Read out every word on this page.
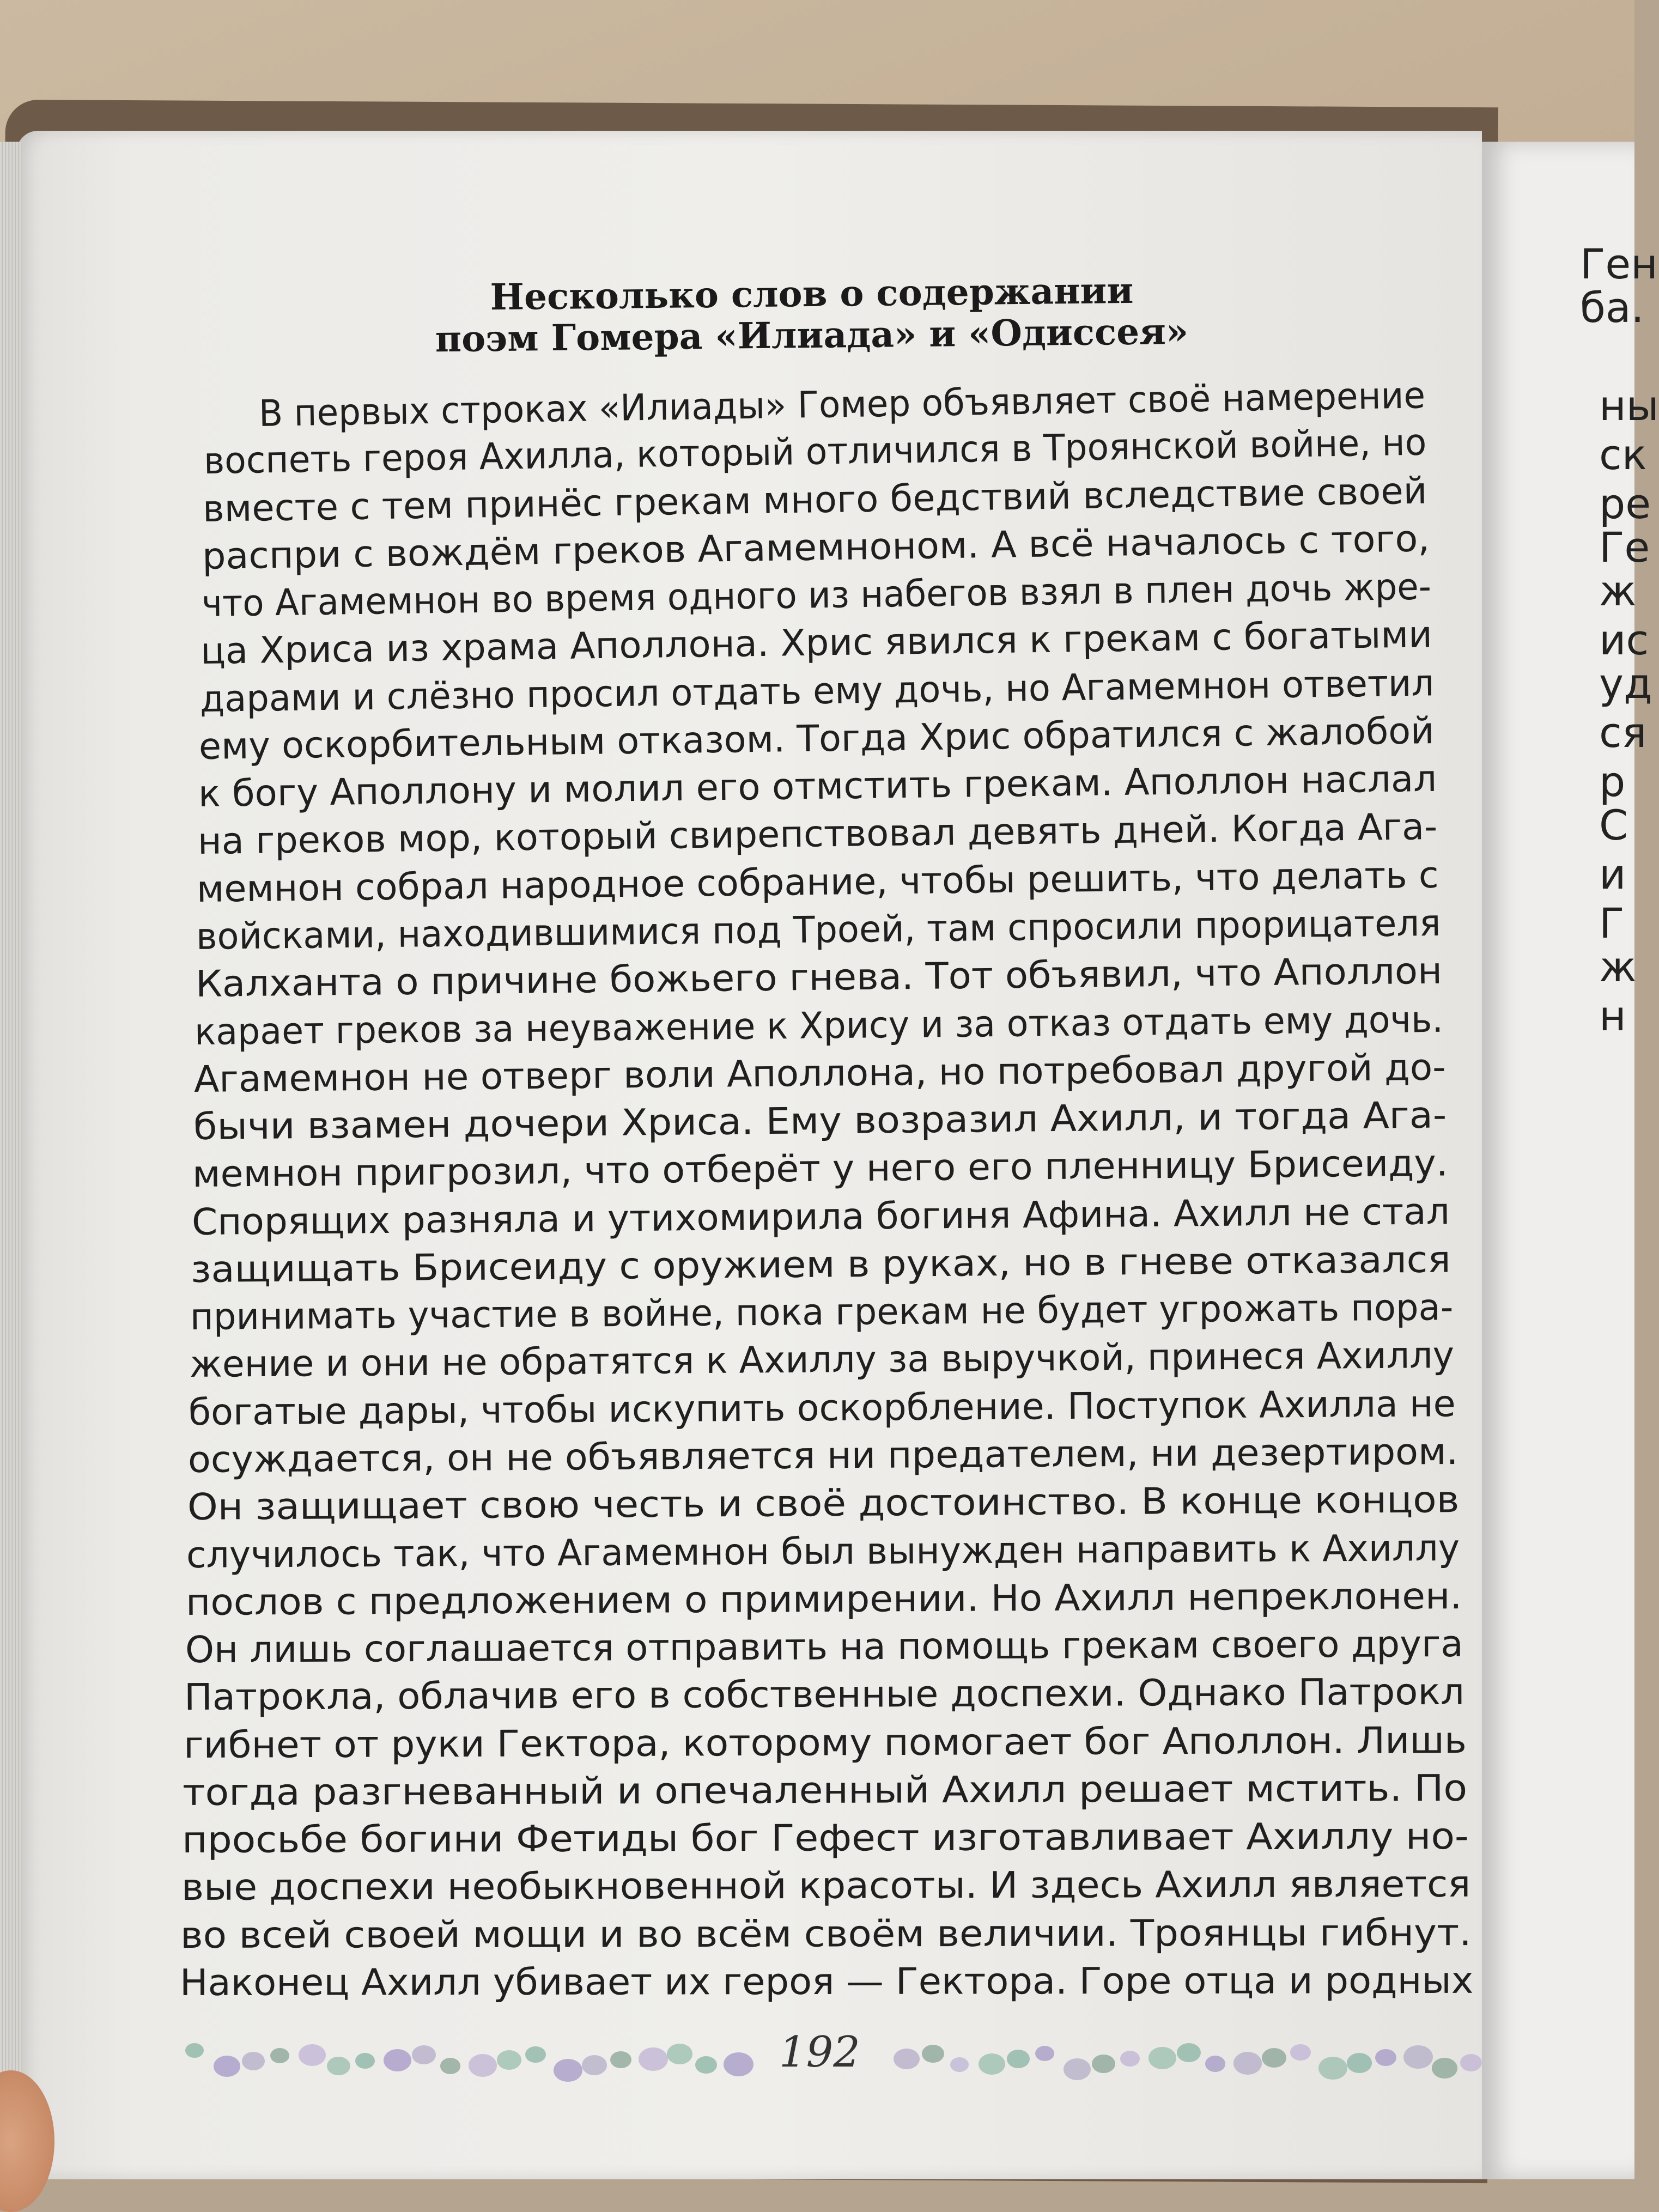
Ген
ба.
ны
ск
ре
Ге
ж
ис
уд
ся
р
С
и
Г
ж
н
Несколько слов о содержании
поэм Гомера «Илиада» и «Одиссея»
В первых строках «Илиады» Гомер объявляет своё намерение
воспеть героя Ахилла, который отличился в Троянской войне, но
вместе с тем принёс грекам много бедствий вследствие своей
распри с вождём греков Агамемноном. А всё началось с того,
что Агамемнон во время одного из набегов взял в плен дочь жре-
ца Хриса из храма Аполлона. Хрис явился к грекам с богатыми
дарами и слёзно просил отдать ему дочь, но Агамемнон ответил
ему оскорбительным отказом. Тогда Хрис обратился с жалобой
к богу Аполлону и молил его отмстить грекам. Аполлон наслал
на греков мор, который свирепствовал девять дней. Когда Ага-
мемнон собрал народное собрание, чтобы решить, что делать с
войсками, находившимися под Троей, там спросили прорицателя
Калханта о причине божьего гнева. Тот объявил, что Аполлон
карает греков за неуважение к Хрису и за отказ отдать ему дочь.
Агамемнон не отверг воли Аполлона, но потребовал другой до-
бычи взамен дочери Хриса. Ему возразил Ахилл, и тогда Ага-
мемнон пригрозил, что отберёт у него его пленницу Брисеиду.
Спорящих разняла и утихомирила богиня Афина. Ахилл не стал
защищать Брисеиду с оружием в руках, но в гневе отказался
принимать участие в войне, пока грекам не будет угрожать пора-
жение и они не обратятся к Ахиллу за выручкой, принеся Ахиллу
богатые дары, чтобы искупить оскорбление. Поступок Ахилла не
осуждается, он не объявляется ни предателем, ни дезертиром.
Он защищает свою честь и своё достоинство. В конце концов
случилось так, что Агамемнон был вынужден направить к Ахиллу
послов с предложением о примирении. Но Ахилл непреклонен.
Он лишь соглашается отправить на помощь грекам своего друга
Патрокла, облачив его в собственные доспехи. Однако Патрокл
гибнет от руки Гектора, которому помогает бог Аполлон. Лишь
тогда разгневанный и опечаленный Ахилл решает мстить. По
просьбе богини Фетиды бог Гефест изготавливает Ахиллу но-
вые доспехи необыкновенной красоты. И здесь Ахилл является
во всей своей мощи и во всём своём величии. Троянцы гибнут.
Наконец Ахилл убивает их героя — Гектора. Горе отца и родных
192
